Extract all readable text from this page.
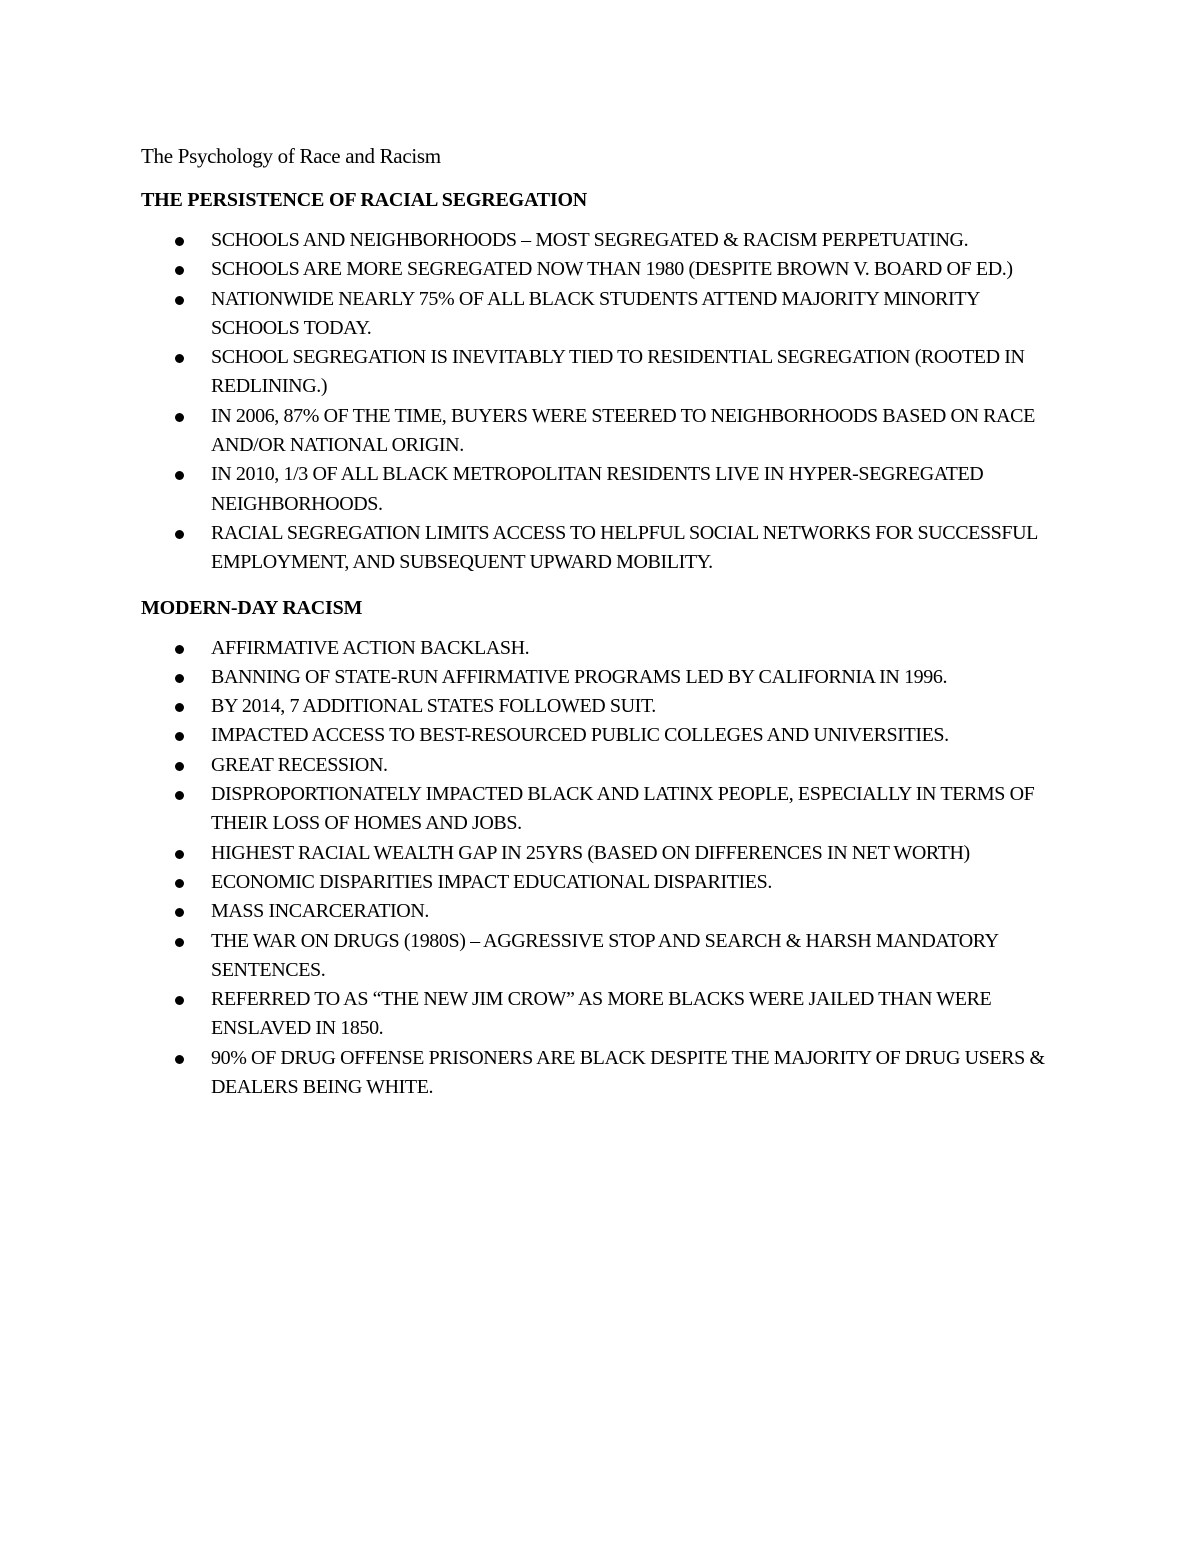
The Psychology of Race and Racism
THE PERSISTENCE OF RACIAL SEGREGATION
SCHOOLS AND NEIGHBORHOODS – MOST SEGREGATED & RACISM PERPETUATING.
SCHOOLS ARE MORE SEGREGATED NOW THAN 1980 (DESPITE BROWN V. BOARD OF ED.)
NATIONWIDE NEARLY 75% OF ALL BLACK STUDENTS ATTEND MAJORITY MINORITY SCHOOLS TODAY.
SCHOOL SEGREGATION IS INEVITABLY TIED TO RESIDENTIAL SEGREGATION (ROOTED IN REDLINING.)
IN 2006, 87% OF THE TIME, BUYERS WERE STEERED TO NEIGHBORHOODS BASED ON RACE AND/OR NATIONAL ORIGIN.
IN 2010, 1/3 OF ALL BLACK METROPOLITAN RESIDENTS LIVE IN HYPER-SEGREGATED NEIGHBORHOODS.
RACIAL SEGREGATION LIMITS ACCESS TO HELPFUL SOCIAL NETWORKS FOR SUCCESSFUL EMPLOYMENT, AND SUBSEQUENT UPWARD MOBILITY.
MODERN-DAY RACISM
AFFIRMATIVE ACTION BACKLASH.
BANNING OF STATE-RUN AFFIRMATIVE PROGRAMS LED BY CALIFORNIA IN 1996.
BY 2014, 7 ADDITIONAL STATES FOLLOWED SUIT.
IMPACTED ACCESS TO BEST-RESOURCED PUBLIC COLLEGES AND UNIVERSITIES.
GREAT RECESSION.
DISPROPORTIONATELY IMPACTED BLACK AND LATINX PEOPLE, ESPECIALLY IN TERMS OF THEIR LOSS OF HOMES AND JOBS.
HIGHEST RACIAL WEALTH GAP IN 25YRS (BASED ON DIFFERENCES IN NET WORTH)
ECONOMIC DISPARITIES IMPACT EDUCATIONAL DISPARITIES.
MASS INCARCERATION.
THE WAR ON DRUGS (1980S) – AGGRESSIVE STOP AND SEARCH & HARSH MANDATORY SENTENCES.
REFERRED TO AS “THE NEW JIM CROW” AS MORE BLACKS WERE JAILED THAN WERE ENSLAVED IN 1850.
90% OF DRUG OFFENSE PRISONERS ARE BLACK DESPITE THE MAJORITY OF DRUG USERS & DEALERS BEING WHITE.
